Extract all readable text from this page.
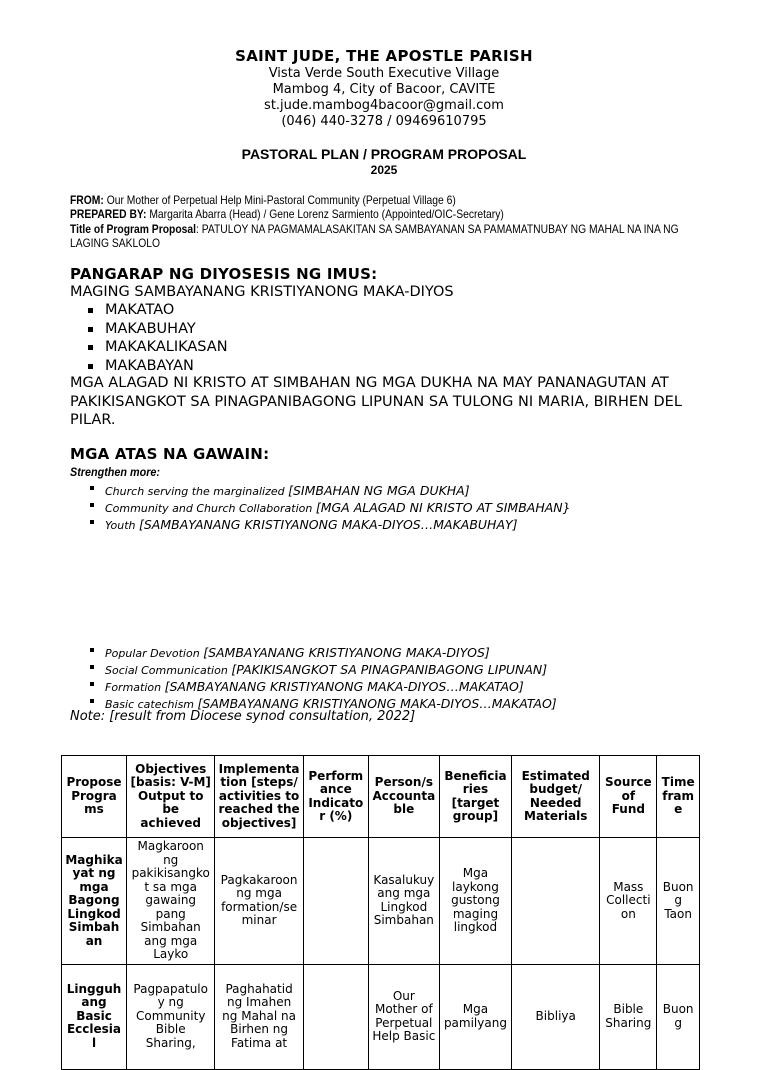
SAINT JUDE, THE APOSTLE PARISH
Vista Verde South Executive Village
Mambog 4, City of Bacoor, CAVITE
st.jude.mambog4bacoor@gmail.com
(046) 440-3278 / 09469610795
PASTORAL PLAN / PROGRAM PROPOSAL
2025
FROM: Our Mother of Perpetual Help Mini-Pastoral Community (Perpetual Village 6)
PREPARED BY: Margarita Abarra (Head) / Gene Lorenz Sarmiento (Appointed/OIC-Secretary)
Title of Program Proposal: PATULOY NA PAGMAMALASAKITAN SA SAMBAYANAN SA PAMAMATNUBAY NG MAHAL NA INA NG LAGING SAKLOLO
PANGARAP NG DIYOSESIS NG IMUS:
MAGING SAMBAYANANG KRISTIYANONG MAKA-DIYOS
MAKATAO
MAKABUHAY
MAKAKALIKASAN
MAKABAYAN
MGA ALAGAD NI KRISTO AT SIMBAHAN NG MGA DUKHA NA MAY PANANAGUTAN AT PAKIKISANGKOT SA PINAGPANIBAGONG LIPUNAN SA TULONG NI MARIA, BIRHEN DEL PILAR.
MGA ATAS NA GAWAIN:
Strengthen more:
Church serving the marginalized [SIMBAHAN NG MGA DUKHA]
Community and Church Collaboration [MGA ALAGAD NI KRISTO AT SIMBAHAN}
Youth [SAMBAYANANG KRISTIYANONG MAKA-DIYOS…MAKABUHAY]
Popular Devotion [SAMBAYANANG KRISTIYANONG MAKA-DIYOS]
Social Communication [PAKIKISANGKOT SA PINAGPANIBAGONG LIPUNAN]
Formation [SAMBAYANANG KRISTIYANONG MAKA-DIYOS…MAKATAO]
Basic catechism [SAMBAYANANG KRISTIYANONG MAKA-DIYOS…MAKATAO]
Note: [result from Diocese synod consultation, 2022]
Propose Programs	Objectives [basis: V-M] Output to be achieved	Implementation [steps/ activities to reached the objectives]	Performance Indicator (%)	Person/s Accountable	Beneficiaries [target group]	Estimated budget/ Needed Materials	Source of Fund	Time frame
Maghikayat ng mga Bagong Lingkod Simbahan	Magkaroon ng pakikisangkot sa mga gawaing pang Simbahan ang mga Layko	Pagkakaroon ng mga formation/seminar		Kasalukuyang mga Lingkod Simbahan	Mga laykong gustong maging lingkod		Mass Collection	Buong Taon
Lingguhang Basic Ecclesial	Pagpapatuloy ng Community Bible Sharing,	Paghahatid ng Imahen ng Mahal na Birhen ng Fatima at		Our Mother of Perpetual Help Basic	Mga pamilyang	Bibliya	Bible Sharing	Buong
